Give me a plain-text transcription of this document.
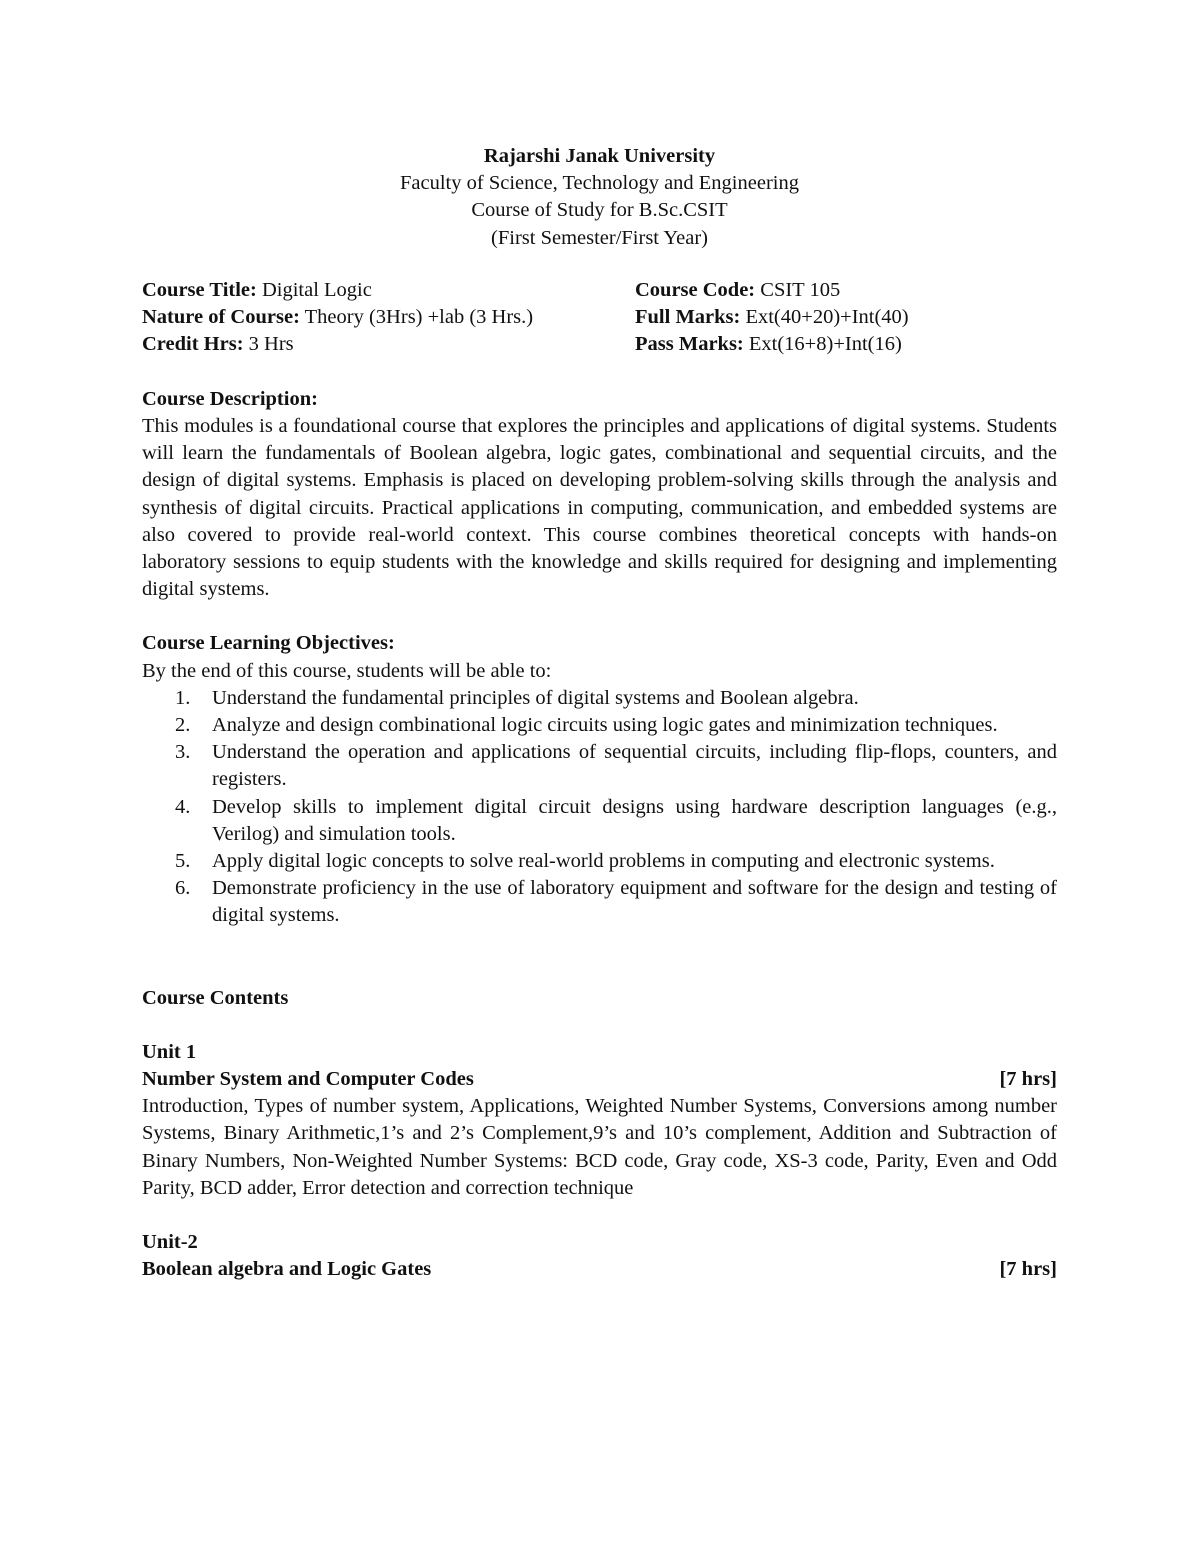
Rajarshi Janak University
Faculty of Science, Technology and Engineering
Course of Study for B.Sc.CSIT
(First Semester/First Year)
Course Title: Digital Logic
Nature of Course: Theory (3Hrs) +lab (3 Hrs.)
Credit Hrs: 3 Hrs
Course Code: CSIT 105
Full Marks: Ext(40+20)+Int(40)
Pass Marks: Ext(16+8)+Int(16)
Course Description:
This modules is a foundational course that explores the principles and applications of digital systems. Students will learn the fundamentals of Boolean algebra, logic gates, combinational and sequential circuits, and the design of digital systems. Emphasis is placed on developing problem-solving skills through the analysis and synthesis of digital circuits. Practical applications in computing, communication, and embedded systems are also covered to provide real-world context. This course combines theoretical concepts with hands-on laboratory sessions to equip students with the knowledge and skills required for designing and implementing digital systems.
Course Learning Objectives:
By the end of this course, students will be able to:
1. Understand the fundamental principles of digital systems and Boolean algebra.
2. Analyze and design combinational logic circuits using logic gates and minimization techniques.
3. Understand the operation and applications of sequential circuits, including flip-flops, counters, and registers.
4. Develop skills to implement digital circuit designs using hardware description languages (e.g., Verilog) and simulation tools.
5. Apply digital logic concepts to solve real-world problems in computing and electronic systems.
6. Demonstrate proficiency in the use of laboratory equipment and software for the design and testing of digital systems.
Course Contents
Unit 1
Number System and Computer Codes	[7 hrs]
Introduction, Types of number system, Applications, Weighted Number Systems, Conversions among number Systems, Binary Arithmetic,1’s and 2’s Complement,9’s and 10’s complement, Addition and Subtraction of Binary Numbers, Non-Weighted Number Systems: BCD code, Gray code, XS-3 code, Parity, Even and Odd Parity, BCD adder, Error detection and correction technique
Unit-2
Boolean algebra and Logic Gates	[7 hrs]
